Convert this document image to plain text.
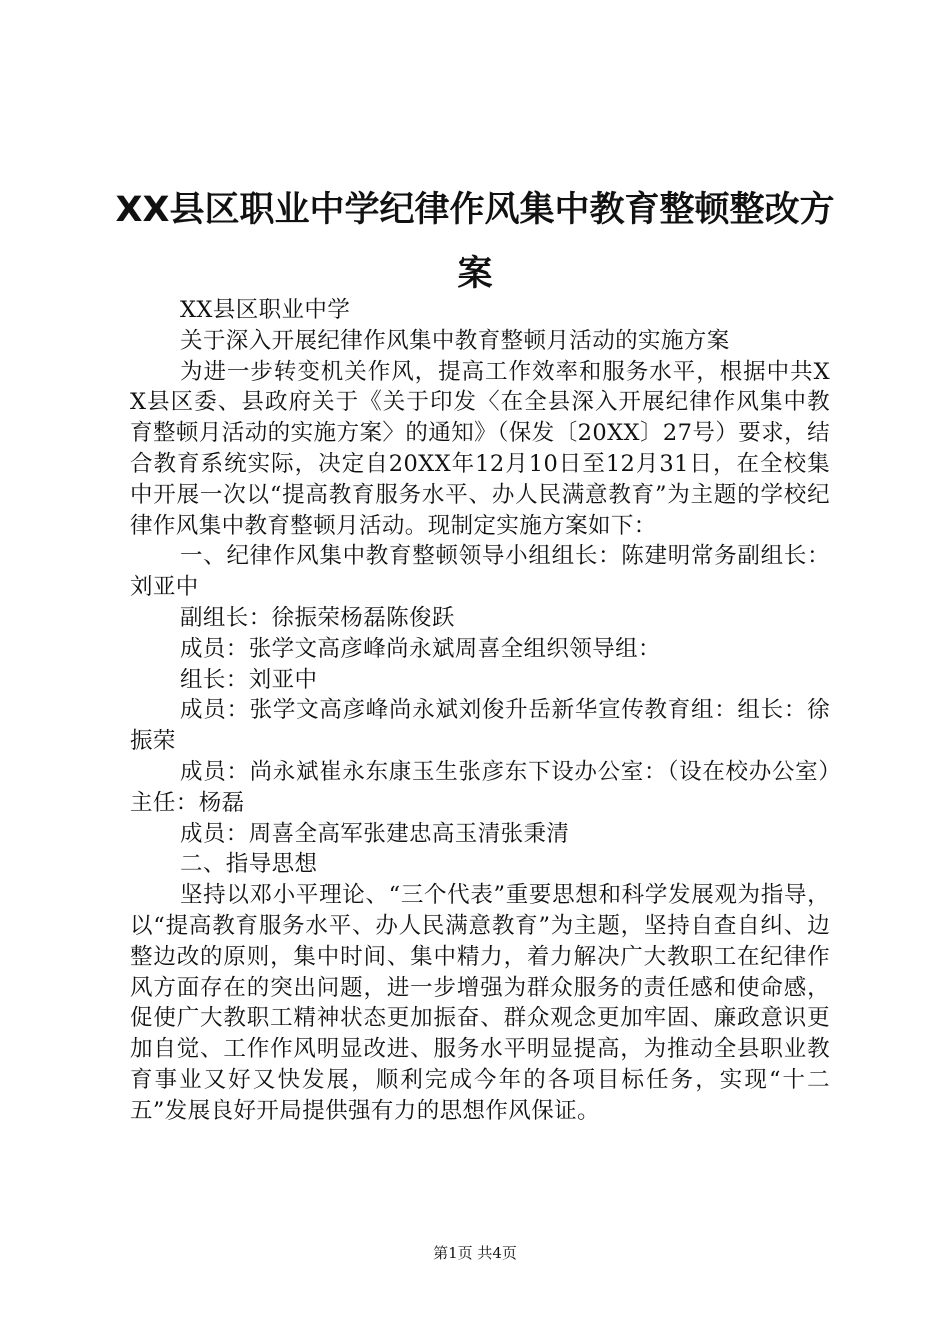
XX县区职业中学纪律作风集中教育整顿整改方案

XX县区职业中学

关于深入开展纪律作风集中教育整顿月活动的实施方案

为进一步转变机关作风，提高工作效率和服务水平，根据中共XX县区委、县政府关于《关于印发〈在全县深入开展纪律作风集中教育整顿月活动的实施方案〉的通知》（保发〔20XX〕27号）要求，结合教育系统实际，决定自20XX年12月10日至12月31日，在全校集中开展一次以“提高教育服务水平、办人民满意教育”为主题的学校纪律作风集中教育整顿月活动。现制定实施方案如下：

一、纪律作风集中教育整顿领导小组组长：陈建明常务副组长：刘亚中

副组长：徐振荣杨磊陈俊跃

成员：张学文高彦峰尚永斌周喜全组织领导组：

组长：刘亚中

成员：张学文高彦峰尚永斌刘俊升岳新华宣传教育组：组长：徐振荣

成员：尚永斌崔永东康玉生张彦东下设办公室：（设在校办公室）主任：杨磊

成员：周喜全高军张建忠高玉清张秉清

二、指导思想

坚持以邓小平理论、“三个代表”重要思想和科学发展观为指导，以“提高教育服务水平、办人民满意教育”为主题，坚持自查自纠、边整边改的原则，集中时间、集中精力，着力解决广大教职工在纪律作风方面存在的突出问题，进一步增强为群众服务的责任感和使命感，促使广大教职工精神状态更加振奋、群众观念更加牢固、廉政意识更加自觉、工作作风明显改进、服务水平明显提高，为推动全县职业教育事业又好又快发展，顺利完成今年的各项目标任务，实现“十二五”发展良好开局提供强有力的思想作风保证。

第1页 共4页
